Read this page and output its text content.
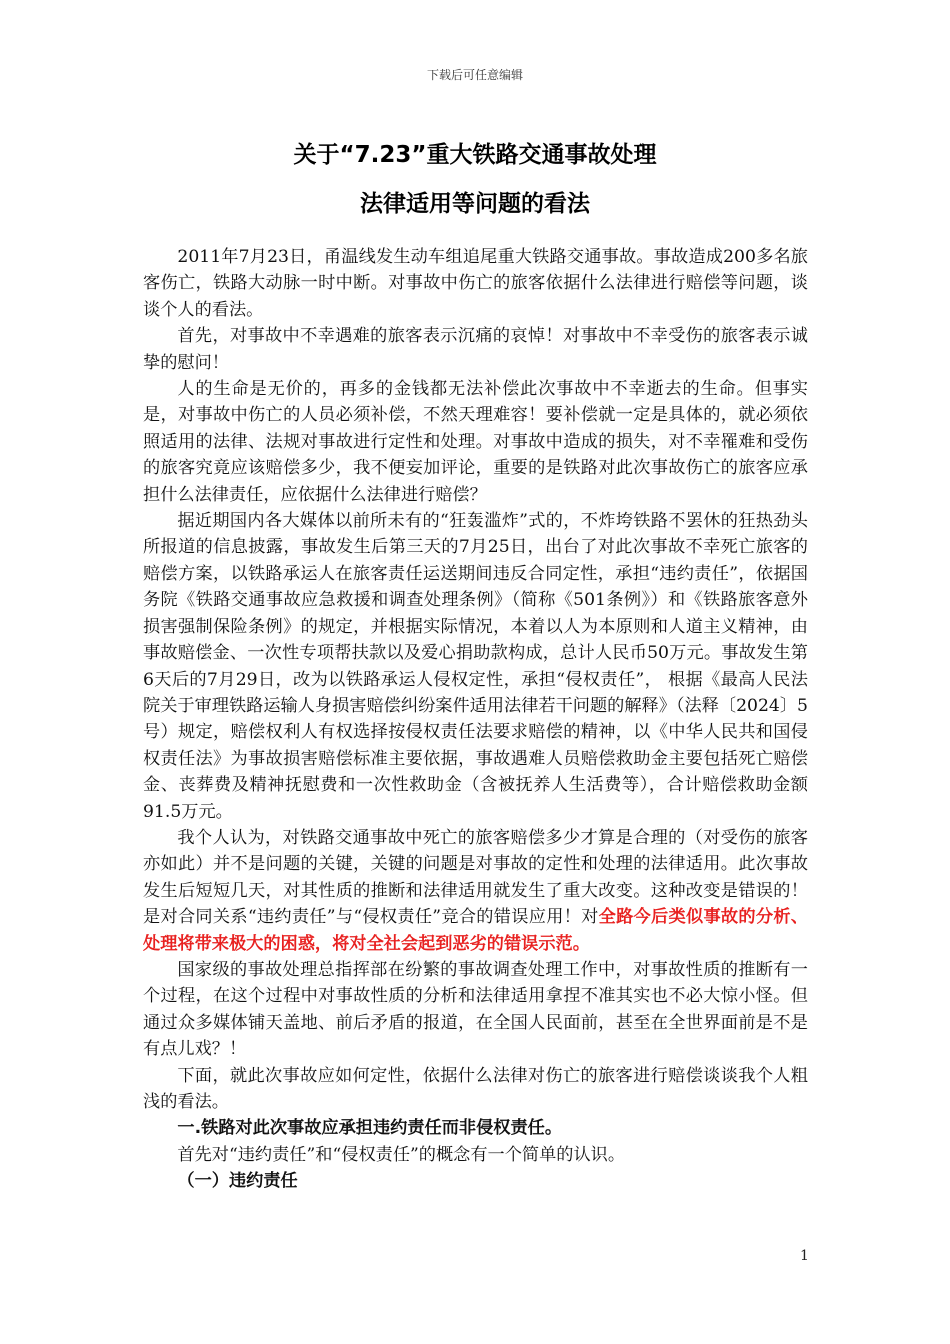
下载后可任意编辑
关于“7.23”重大铁路交通事故处理
法律适用等问题的看法

2011年7月23日，甬温线发生动车组追尾重大铁路交通事故。事故造成200多名旅客伤亡，铁路大动脉一时中断。对事故中伤亡的旅客依据什么法律进行赔偿等问题，谈谈个人的看法。

首先，对事故中不幸遇难的旅客表示沉痛的哀悼！对事故中不幸受伤的旅客表示诚挚的慰问！

人的生命是无价的，再多的金钱都无法补偿此次事故中不幸逝去的生命。但事实是，对事故中伤亡的人员必须补偿，不然天理难容！要补偿就一定是具体的，就必须依照适用的法律、法规对事故进行定性和处理。对事故中造成的损失，对不幸罹难和受伤的旅客究竟应该赔偿多少，我不便妄加评论，重要的是铁路对此次事故伤亡的旅客应承担什么法律责任，应依据什么法律进行赔偿？

据近期国内各大媒体以前所未有的“狂轰滥炸”式的，不炸垮铁路不罢休的狂热劲头所报道的信息披露，事故发生后第三天的7月25日，出台了对此次事故不幸死亡旅客的赔偿方案，以铁路承运人在旅客责任运送期间违反合同定性，承担“违约责任”，依据国务院《铁路交通事故应急救援和调查处理条例》（简称《501条例》）和《铁路旅客意外损害强制保险条例》的规定，并根据实际情况，本着以人为本原则和人道主义精神，由事故赔偿金、一次性专项帮扶款以及爱心捐助款构成，总计人民币50万元。事故发生第6天后的7月29日，改为以铁路承运人侵权定性，承担“侵权责任”， 根据《最高人民法院关于审理铁路运输人身损害赔偿纠纷案件适用法律若干问题的解释》（法释〔2024〕5号）规定，赔偿权利人有权选择按侵权责任法要求赔偿的精神，以《中华人民共和国侵权责任法》为事故损害赔偿标准主要依据，事故遇难人员赔偿救助金主要包括死亡赔偿金、丧葬费及精神抚慰费和一次性救助金（含被抚养人生活费等），合计赔偿救助金额91.5万元。

我个人认为，对铁路交通事故中死亡的旅客赔偿多少才算是合理的（对受伤的旅客亦如此）并不是问题的关键，关键的问题是对事故的定性和处理的法律适用。此次事故发生后短短几天，对其性质的推断和法律适用就发生了重大改变。这种改变是错误的！是对合同关系“违约责任”与“侵权责任”竞合的错误应用！对全路今后类似事故的分析、处理将带来极大的困惑，将对全社会起到恶劣的错误示范。

国家级的事故处理总指挥部在纷繁的事故调查处理工作中，对事故性质的推断有一个过程，在这个过程中对事故性质的分析和法律适用拿捏不准其实也不必大惊小怪。但通过众多媒体铺天盖地、前后矛盾的报道，在全国人民面前，甚至在全世界面前是不是有点儿戏？！

下面，就此次事故应如何定性，依据什么法律对伤亡的旅客进行赔偿谈谈我个人粗浅的看法。

一.铁路对此次事故应承担违约责任而非侵权责任。

首先对“违约责任”和“侵权责任”的概念有一个简单的认识。

（一）违约责任

1
